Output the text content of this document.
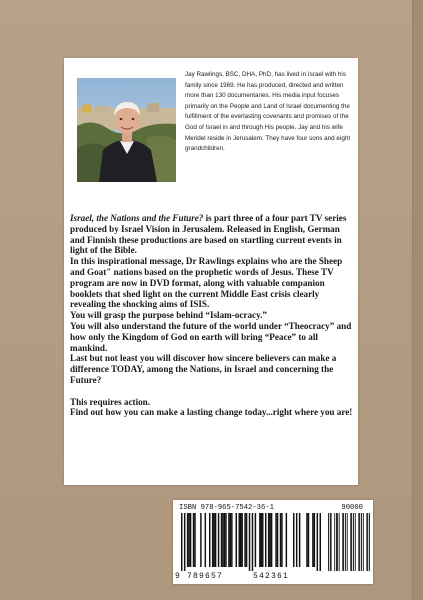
Jay Rawlings, BSC, DHA, PhD, has lived in Israel with his family since 1969. He has produced, directed and written more than 130 documentaries. His media input focuses primarily on the People and Land of Israel documenting the fulfillment of the everlasting covenants and promises of the God of Israel in and through His people. Jay and his wife Meridel reside in Jerusalem. They have four sons and eight grandchildren.

Israel, the Nations and the Future? is part three of a four part TV series produced by Israel Vision in Jerusalem. Released in English, German and Finnish these productions are based on startling current events in light of the Bible.

In this inspirational message, Dr Rawlings explains who are the Sheep and Goat" nations based on the prophetic words of Jesus. These TV program are now in DVD format, along with valuable companion booklets that shed light on the current Middle East crisis clearly revealing the shocking aims of ISIS.

You will grasp the purpose behind “Islam-ocracy.”

You will also understand the future of the world under “Theocracy” and how only the Kingdom of God on earth will bring “Peace” to all mankind.

Last but not least you will discover how sincere believers can make a difference TODAY, among the Nations, in Israel and concerning the Future?

This requires action.

Find out how you can make a lasting change today...right where you are!

ISBN 978-965-7542-36-1	90000
9 789657	542361
